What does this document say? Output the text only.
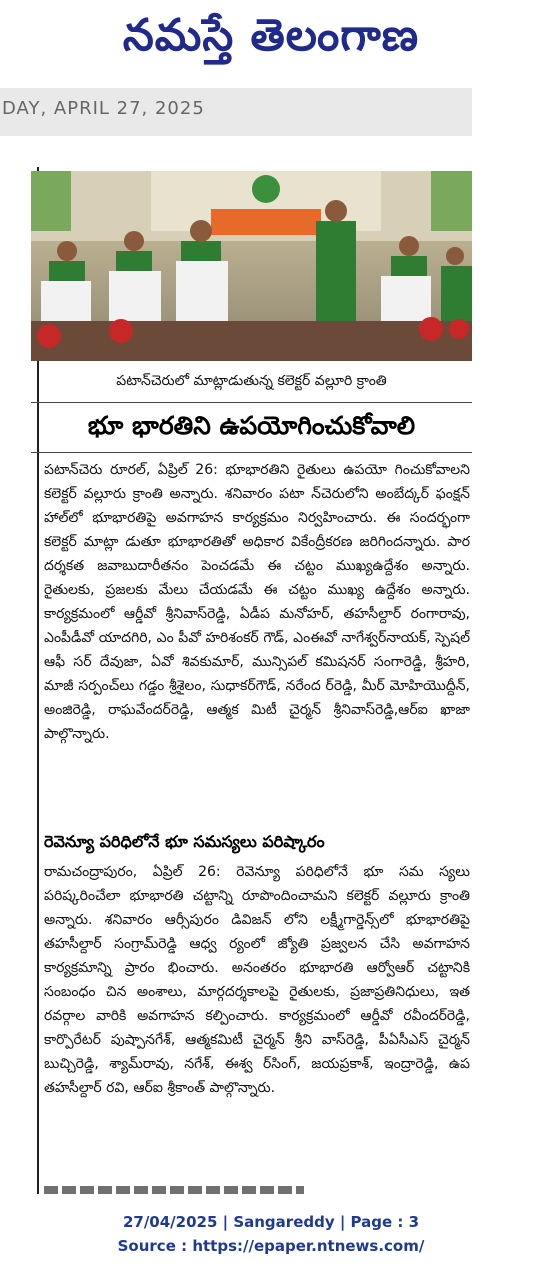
నమస్తే తెలంగాణ
DAY, APRIL 27, 2025
పటాన్‌చెరులో మాట్లాడుతున్న కలెక్టర్ వల్లూరి క్రాంతి
భూ భారతిని ఉపయోగించుకోవాలి
పటాన్‌చెరు రూరల్, ఏప్రిల్ 26: భూభారతిని రైతులు ఉపయో గించుకోవాలని కలెక్టర్ వల్లూరు క్రాంతి అన్నారు. శనివారం పటా న్‌చెరులోని అంబేద్కర్ ఫంక్షన్ హాల్‌లో భూభారతిపై అవగాహన కార్యక్రమం నిర్వహించారు. ఈ సందర్భంగా కలెక్టర్ మాట్లా డుతూ భూభారతితో అధికార వికేంద్రీకరణ జరిగిందన్నారు. పార దర్శకత జవాబుదారీతనం పెంచడమే ఈ చట్టం ముఖ్యఉద్దేశం అన్నారు. రైతులకు, ప్రజలకు మేలు చేయడమే ఈ చట్టం ముఖ్య ఉద్దేశం అన్నారు. కార్యక్రమంలో ఆర్డీవో శ్రీనివాస్‌రెడ్డి, ఏడీప మనోహర్, తహసీల్దార్ రంగారావు, ఎంపీడీవో యాదగిరి, ఎం పీవో హరిశంకర్ గౌడ్, ఎంఈవో నాగేశ్వర్‌నాయక్, స్పెషల్ ఆఫీ సర్ దేవుజా, ఏవో శివకుమార్, మున్సిపల్ కమిషనర్ సంగారెడ్డి, శ్రీహరి, మాజీ సర్పంచ్‌లు గడ్డం శ్రీశైలం, సుధాకర్‌గౌడ్, నరేంద ర్‌రెడ్డి, మీర్ మోహియొద్దీన్, అంజిరెడ్డి, రాఘవేందర్‌రెడ్డి, ఆత్మక మిటీ చైర్మన్ శ్రీనివాస్‌రెడ్డి,ఆర్ఐ ఖాజా పాల్గొన్నారు.
రెవెన్యూ పరిధిలోనే భూ సమస్యలు పరిష్కారం
రామచంద్రాపురం, ఏప్రిల్ 26: రెవెన్యూ పరిధిలోనే భూ సమ స్యలు పరిష్కరించేలా భూభారతి చట్టాన్ని రూపొందించామని కలెక్టర్ వల్లూరు క్రాంతి అన్నారు. శనివారం ఆర్సీపురం డివిజన్ లోని లక్ష్మీగార్డెన్స్‌లో భూభారతిపై తహసీల్దార్ సంగ్రామ్‌రెడ్డి ఆధ్వ ర్యంలో జ్యోతి ప్రజ్వలన చేసి అవగాహన కార్యక్రమాన్ని ప్రారం భించారు. అనంతరం భూభారతి ఆర్వోఆర్ చట్టానికి సంబంధం చిన అంశాలు, మార్గదర్శకాలపై రైతులకు, ప్రజాప్రతినిధులు, ఇత రవర్గాల వారికి అవగాహన కల్పించారు. కార్యక్రమంలో ఆర్డీవో రవీందర్‌రెడ్డి, కార్పొరేటర్ పుష్పానగేశ్, ఆత్మకమిటీ చైర్మన్ శ్రీని వాస్‌రెడ్డి, పీఏసీఎస్ చైర్మన్ బుచ్చిరెడ్డి, శ్యామ్‌రావు, నగేశ్, ఈశ్వ ర్‌సింగ్, జయప్రకాశ్, ఇంద్రారెడ్డి, ఉప తహసీల్దార్ రవి, ఆర్ఐ శ్రీకాంత్ పాల్గొన్నారు.
27/04/2025 | Sangareddy | Page : 3
Source : https://epaper.ntnews.com/
